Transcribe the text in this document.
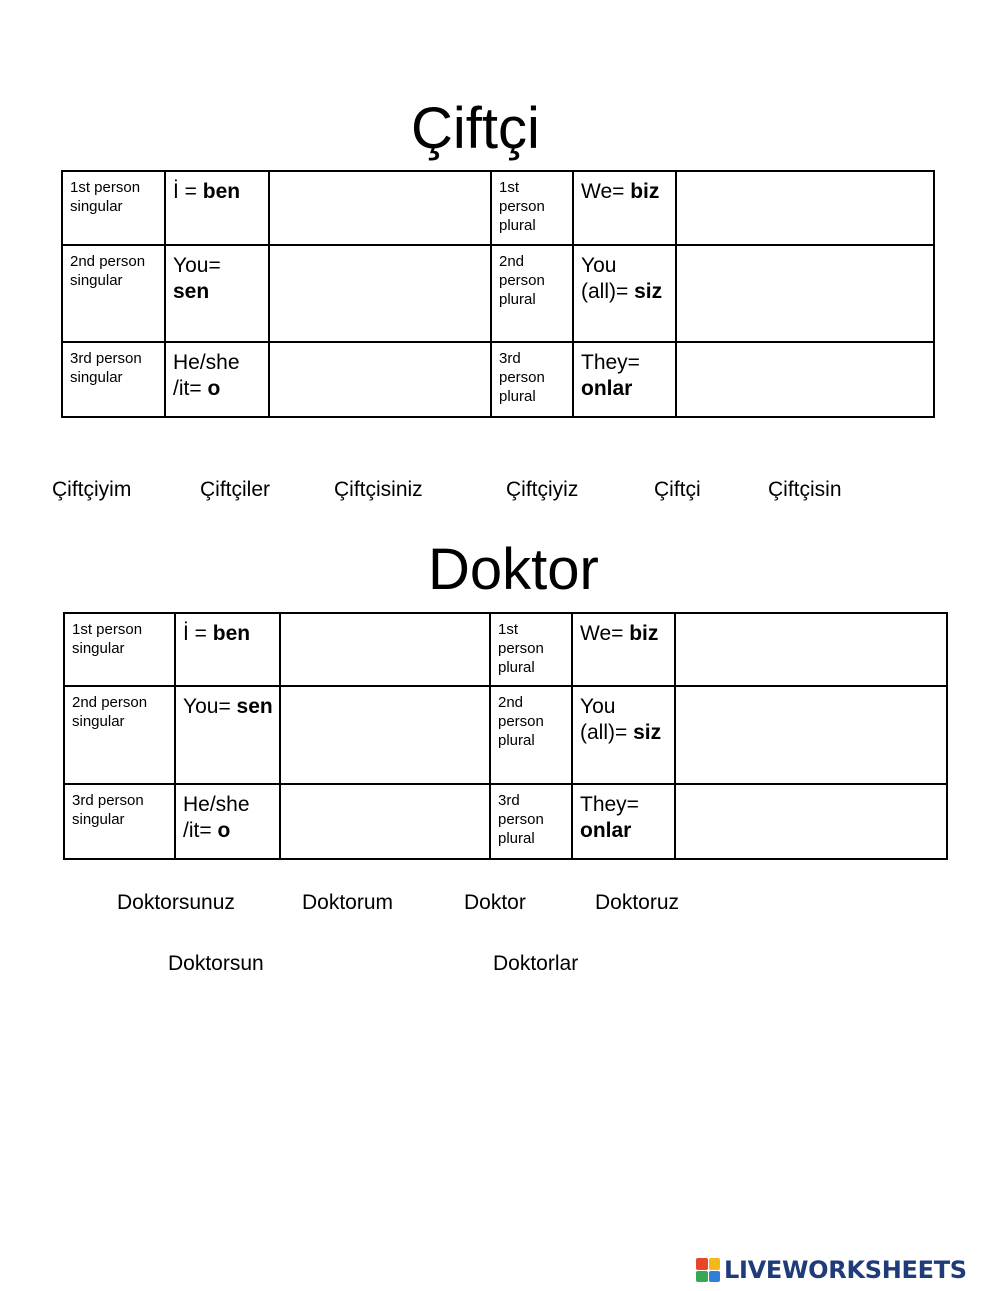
Çiftçi
1st person singular	İ = ben		1st person plural	We= biz	
2nd person singular	You= sen		2nd person plural	You (all)= siz	
3rd person singular	He/she /it= o		3rd person plural	They= onlar	
Çiftçiyim	Çiftçiler	Çiftçisiniz	Çiftçiyiz	Çiftçi	Çiftçisin
Doktor
1st person singular	İ = ben		1st person plural	We= biz	
2nd person singular	You= sen		2nd person plural	You (all)= siz	
3rd person singular	He/she /it= o		3rd person plural	They= onlar	
Doktorsunuz	Doktorum	Doktor	Doktoruz
Doktorsun	Doktorlar
LIVEWORKSHEETS
